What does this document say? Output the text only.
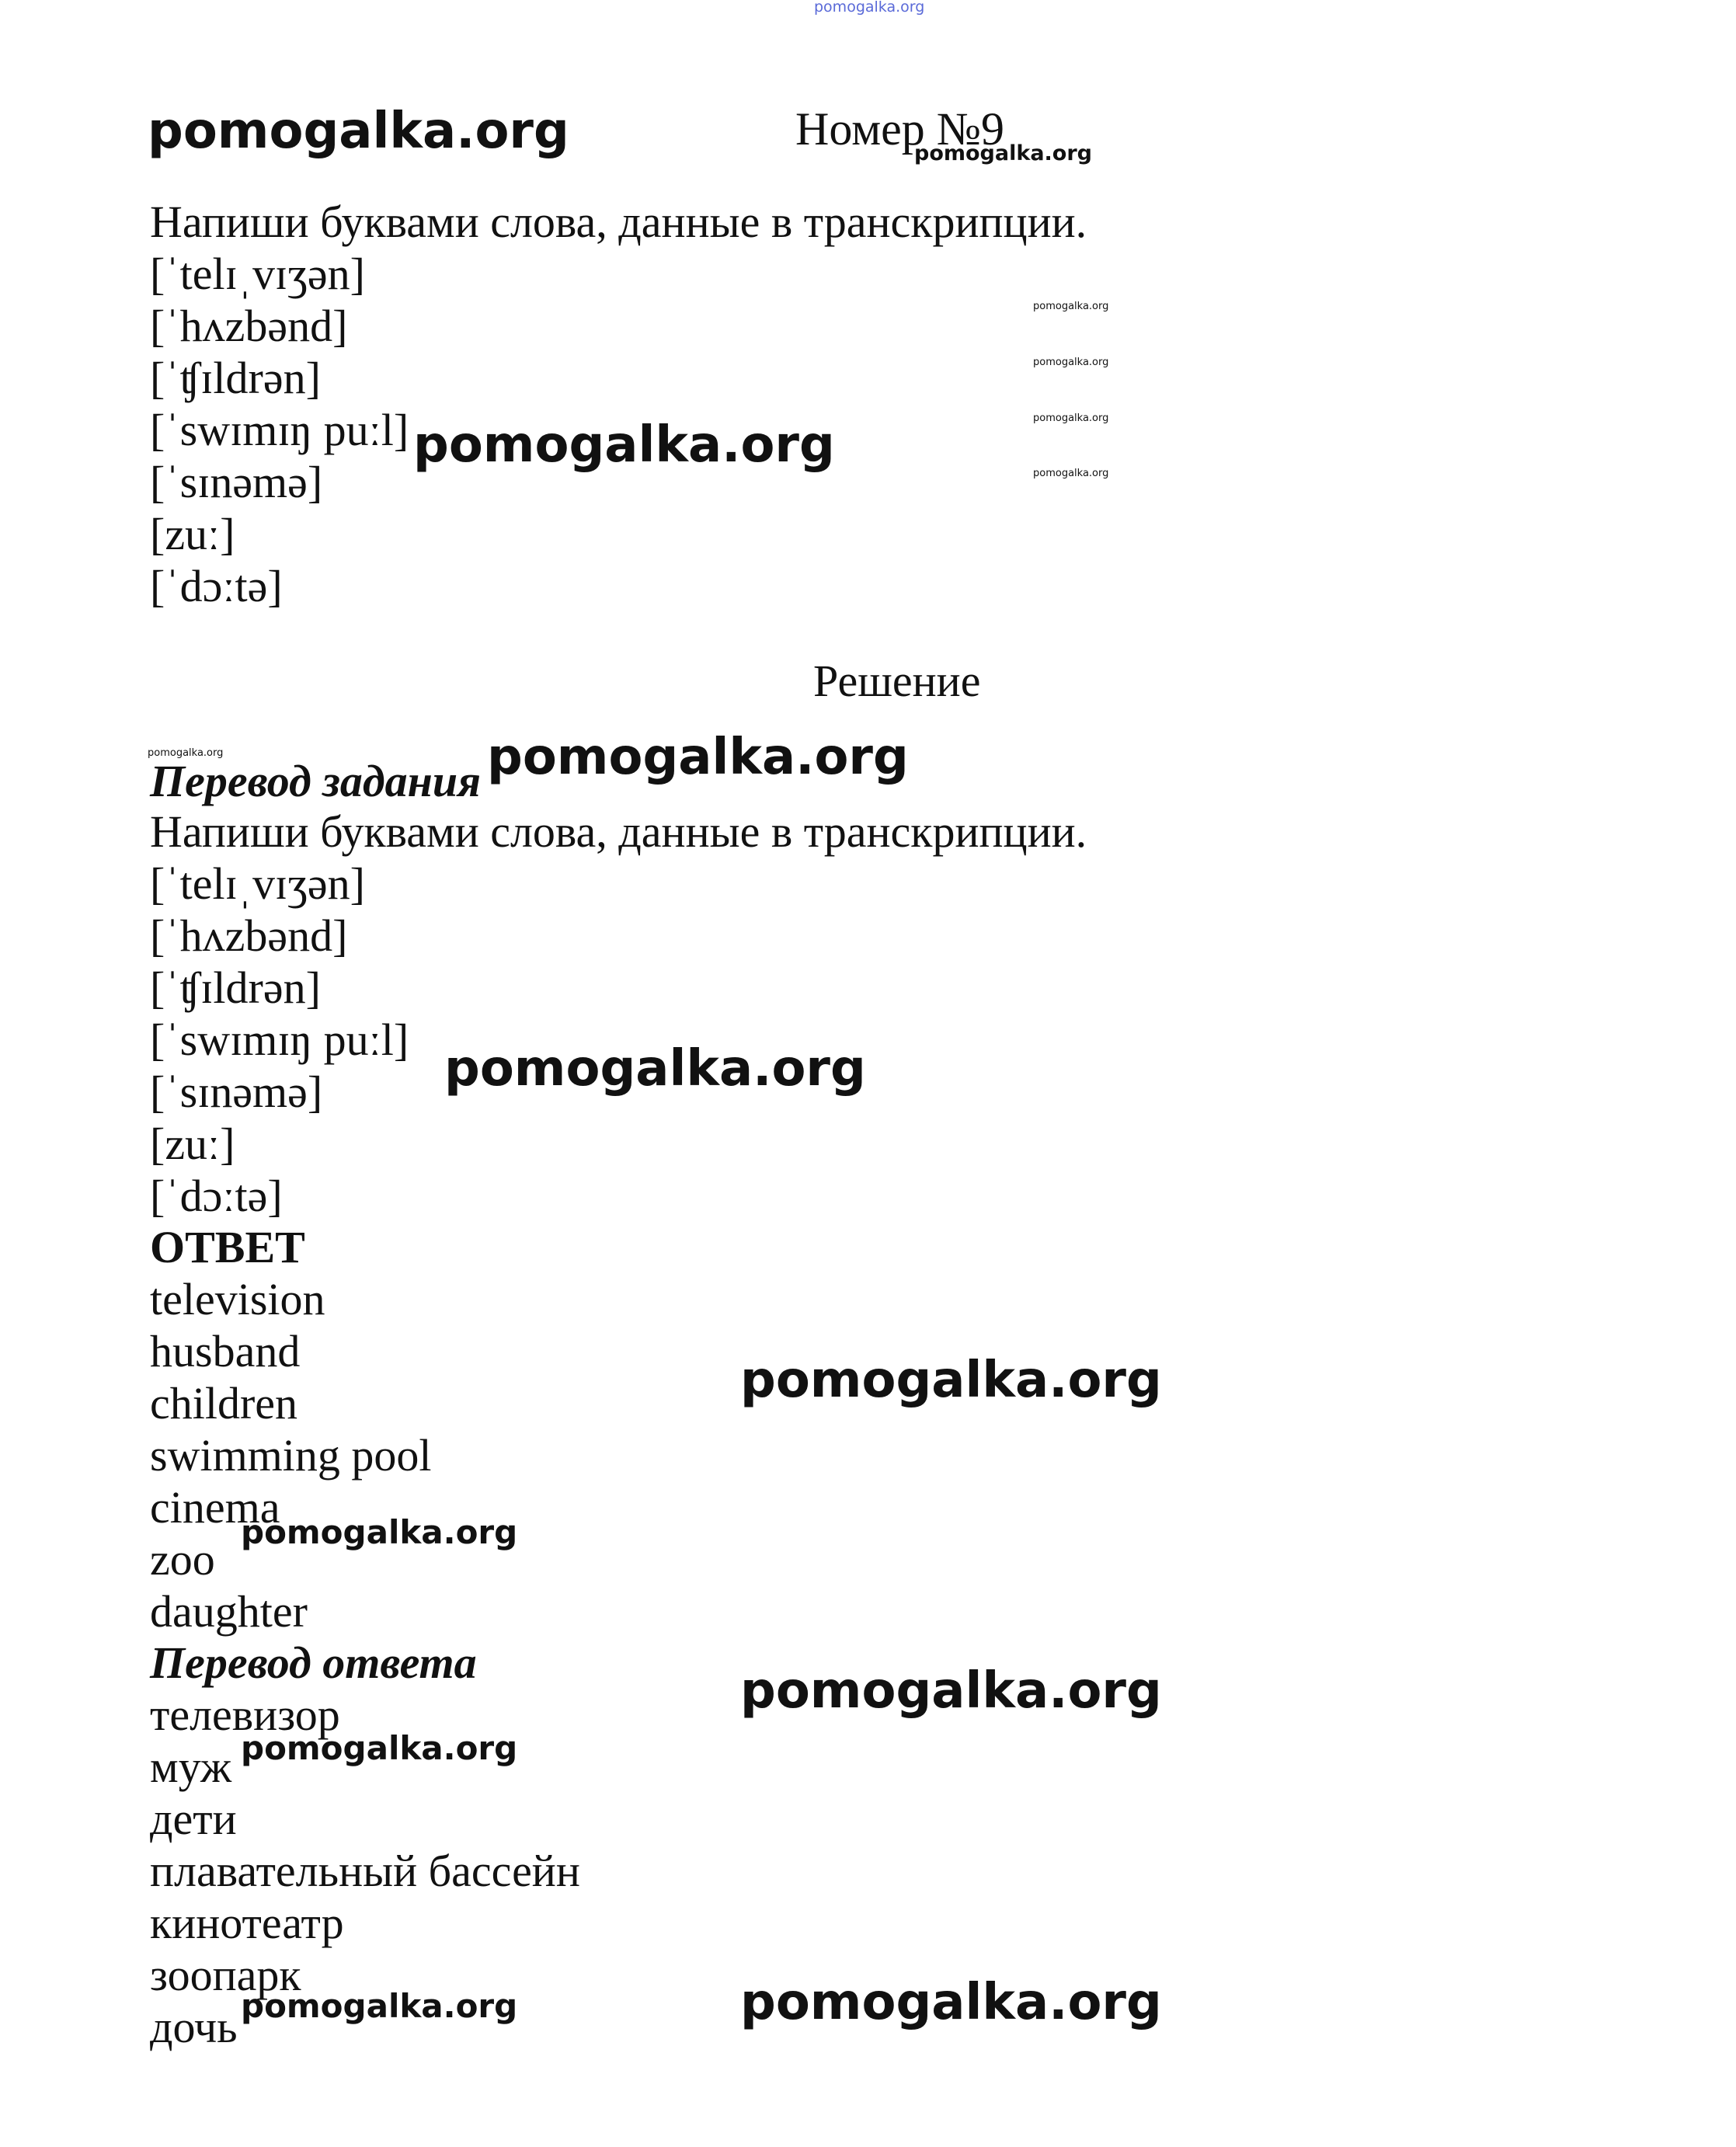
pomogalka.org
pomogalka.org	Номер №9
pomogalka.org
Напиши буквами слова, данные в транскрипции.
[ˈtelɪˌvɪʒən]
[ˈhʌzbənd]
[ˈʧɪldrən]
[ˈswɪmɪŋ puːl]
[ˈsɪnəmə]
[zuː]
[ˈdɔːtə]
pomogalka.org
pomogalka.org
pomogalka.org
pomogalka.org
pomogalka.org
Решение
pomogalka.org
Перевод задания pomogalka.org
Напиши буквами слова, данные в транскрипции.
[ˈtelɪˌvɪʒən]
[ˈhʌzbənd]
[ˈʧɪldrən]
[ˈswɪmɪŋ puːl]
[ˈsɪnəmə]
[zuː]
[ˈdɔːtə]
pomogalka.org
ОТВЕТ
television
husband
children
swimming pool
cinema
zoo
daughter
pomogalka.org
pomogalka.org
Перевод ответа
телевизор
муж
дети
плавательный бассейн
кинотеатр
зоопарк
дочь
pomogalka.org
pomogalka.org
pomogalka.org	pomogalka.org
